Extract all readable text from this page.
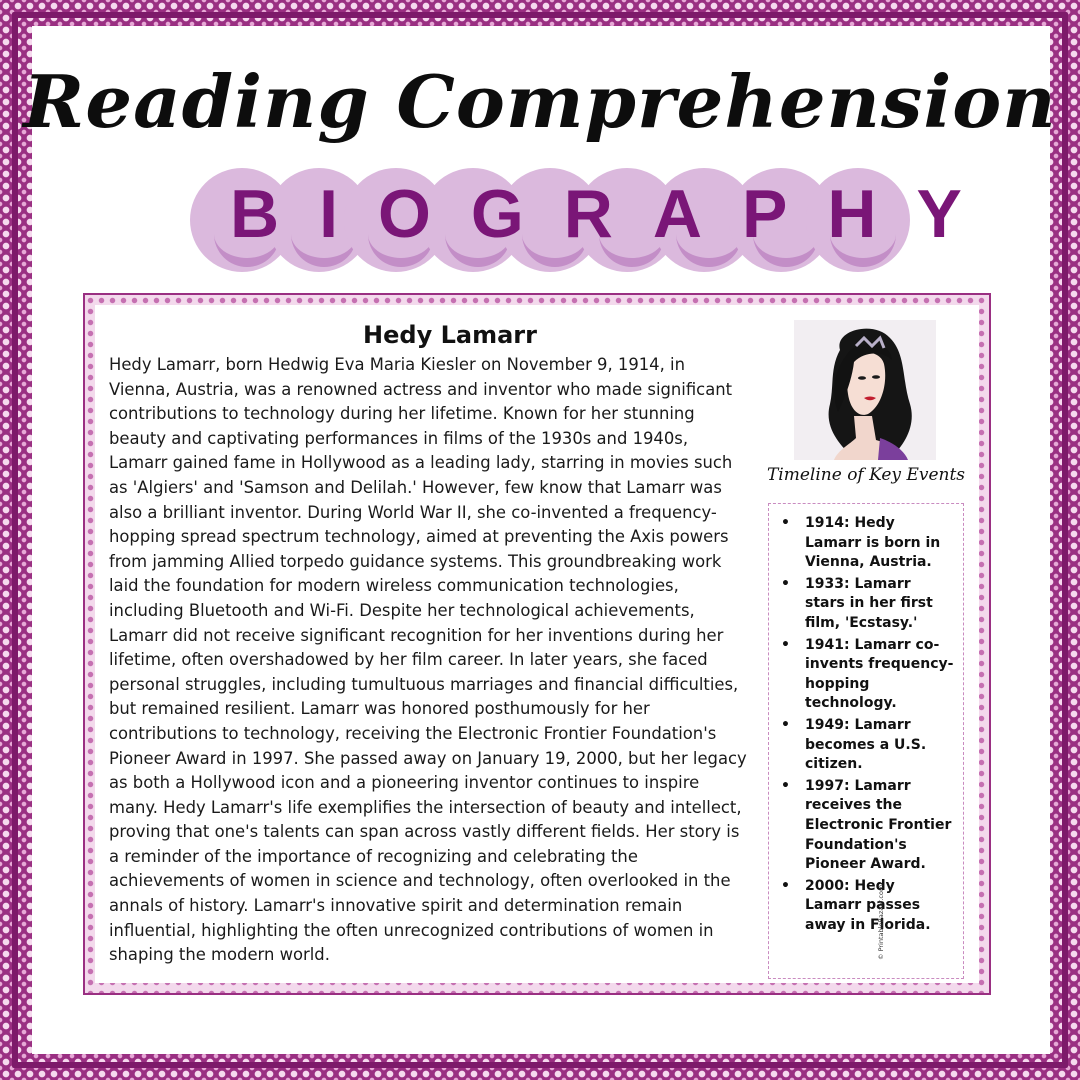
Reading Comprehension
BIOGRAPHY
Hedy Lamarr

Hedy Lamarr, born Hedwig Eva Maria Kiesler on November 9, 1914, in Vienna, Austria, was a renowned actress and inventor who made significant contributions to technology during her lifetime. Known for her stunning beauty and captivating performances in films of the 1930s and 1940s, Lamarr gained fame in Hollywood as a leading lady, starring in movies such as 'Algiers' and 'Samson and Delilah.' However, few know that Lamarr was also a brilliant inventor. During World War II, she co-invented a frequency-hopping spread spectrum technology, aimed at preventing the Axis powers from jamming Allied torpedo guidance systems. This groundbreaking work laid the foundation for modern wireless communication technologies, including Bluetooth and Wi-Fi. Despite her technological achievements, Lamarr did not receive significant recognition for her inventions during her lifetime, often overshadowed by her film career. In later years, she faced personal struggles, including tumultuous marriages and financial difficulties, but remained resilient. Lamarr was honored posthumously for her contributions to technology, receiving the Electronic Frontier Foundation's Pioneer Award in 1997. She passed away on January 19, 2000, but her legacy as both a Hollywood icon and a pioneering inventor continues to inspire many. Hedy Lamarr's life exemplifies the intersection of beauty and intellect, proving that one's talents can span across vastly different fields. Her story is a reminder of the importance of recognizing and celebrating the achievements of women in science and technology, often overlooked in the annals of history. Lamarr's innovative spirit and determination remain influential, highlighting the often unrecognized contributions of women in shaping the modern world.

Timeline of Key Events
• 1914: Hedy Lamarr is born in Vienna, Austria.
• 1933: Lamarr stars in her first film, 'Ecstasy.'
• 1941: Lamarr co-invents frequency-hopping technology.
• 1949: Lamarr becomes a U.S. citizen.
• 1997: Lamarr receives the Electronic Frontier Foundation's Pioneer Award.
• 2000: Hedy Lamarr passes away in Florida.
© PrintableBazaar.com
